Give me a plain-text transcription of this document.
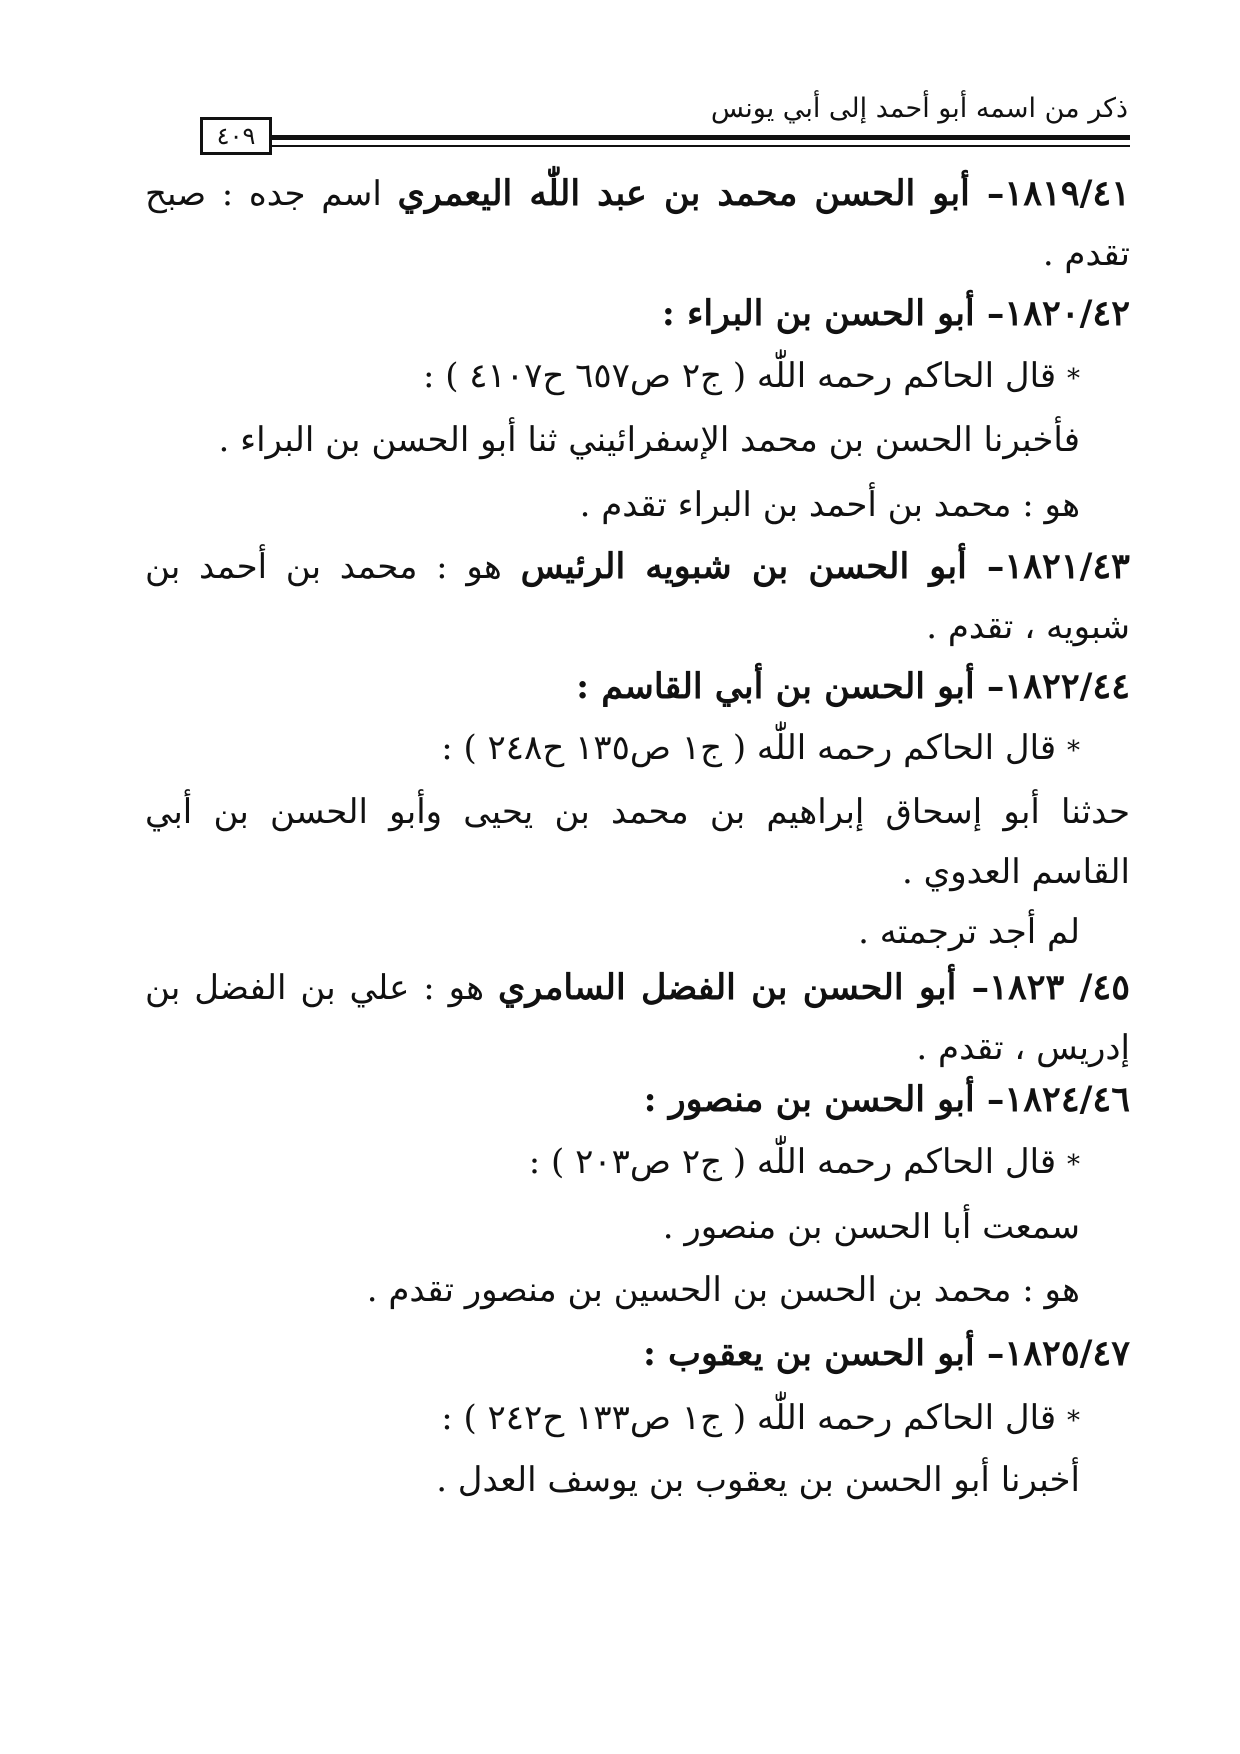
ذكر من اسمه أبو أحمد إلى أبي يونس
٤٠٩
١٨١٩/٤١– أبو الحسن محمد بن عبد اللّٰه اليعمري اسم جده : صبح
تقدم .
١٨٢٠/٤٢– أبو الحسن بن البراء :
* قال الحاكم رحمه اللّٰه ( ج٢ ص٦٥٧ ح٤١٠٧ ) :
فأخبرنا الحسن بن محمد الإسفرائيني ثنا أبو الحسن بن البراء .
هو : محمد بن أحمد بن البراء تقدم .
١٨٢١/٤٣– أبو الحسن بن شبويه الرئيس هو : محمد بن أحمد بن
شبويه ، تقدم .
١٨٢٢/٤٤– أبو الحسن بن أبي القاسم :
* قال الحاكم رحمه اللّٰه ( ج١ ص١٣٥ ح٢٤٨ ) :
حدثنا أبو إسحاق إبراهيم بن محمد بن يحيى وأبو الحسن بن أبي
القاسم العدوي .
لم أجد ترجمته .
٤٥/ ١٨٢٣– أبو الحسن بن الفضل السامري هو : علي بن الفضل بن
إدريس ، تقدم .
١٨٢٤/٤٦– أبو الحسن بن منصور :
* قال الحاكم رحمه اللّٰه ( ج٢ ص٢٠٣ ) :
سمعت أبا الحسن بن منصور .
هو : محمد بن الحسن بن الحسين بن منصور تقدم .
١٨٢٥/٤٧– أبو الحسن بن يعقوب :
* قال الحاكم رحمه اللّٰه ( ج١ ص١٣٣ ح٢٤٢ ) :
أخبرنا أبو الحسن بن يعقوب بن يوسف العدل .
